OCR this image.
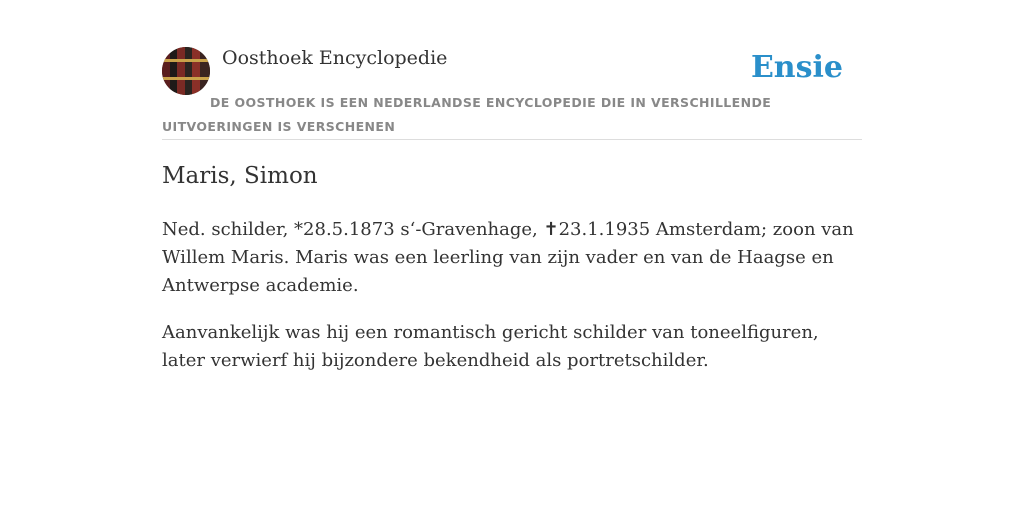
Oosthoek Encyclopedie	Ensie
DE OOSTHOEK IS EEN NEDERLANDSE ENCYCLOPEDIE DIE IN VERSCHILLENDE UITVOERINGEN IS VERSCHENEN
Maris, Simon

Ned. schilder, *28.5.1873 s‘-Gravenhage, ✝23.1.1935 Amsterdam; zoon van Willem Maris. Maris was een leerling van zijn vader en van de Haagse en Antwerpse academie.

Aanvankelijk was hij een romantisch gericht schilder van toneelfiguren, later verwierf hij bijzondere bekendheid als portretschilder.
